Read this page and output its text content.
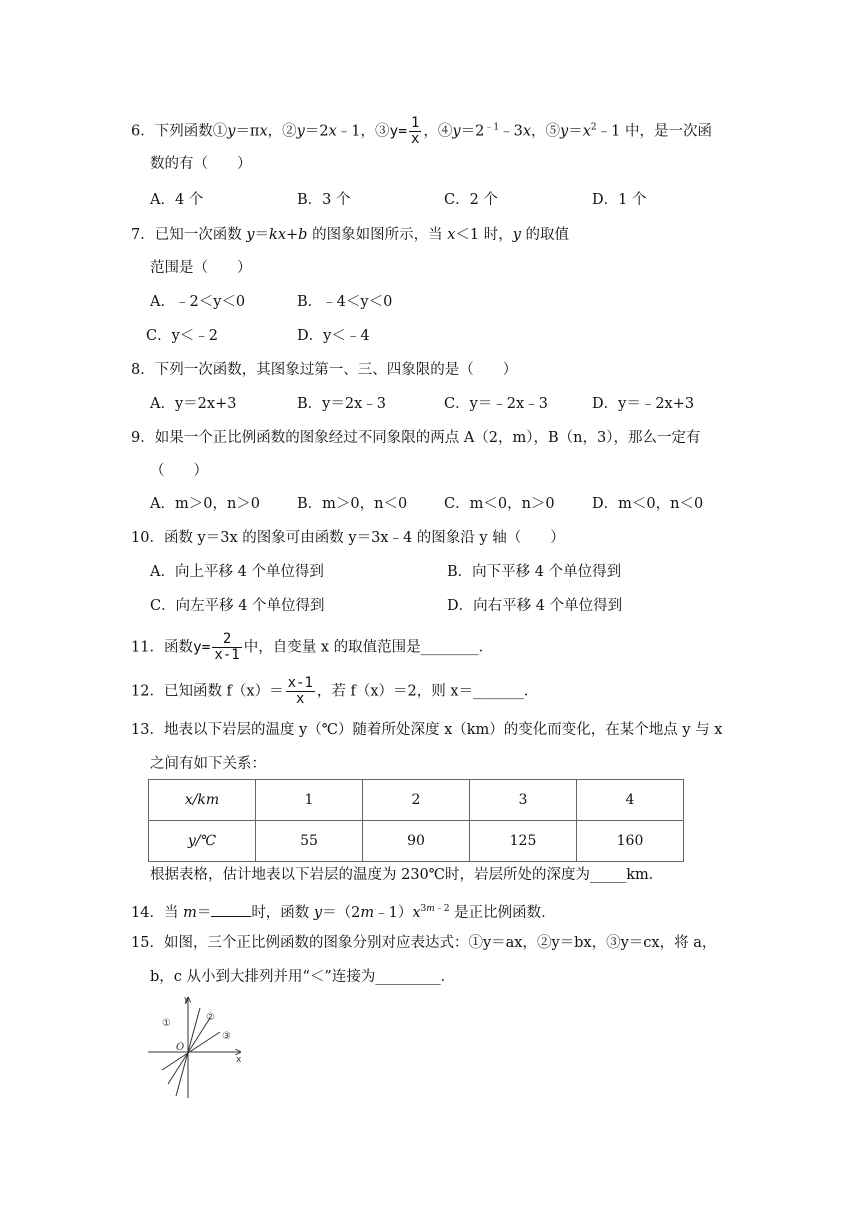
6．下列函数①y＝πx，②y＝2x﹣1，③y= $\frac{1}{x}$ ，$④y=2^{﹣1}﹣3x$，$⑤y=x^2﹣1$ 中，是一次函
数的有（　　）
A．4 个	B．3 个	C．2 个	D．1 个
7．已知一次函数 y＝kx+b 的图象如图所示，当 x＜1 时，y 的取值
范围是（　　）
A．﹣2＜y＜0	B．﹣4＜y＜0
C．y＜﹣2	D．y＜﹣4
8．下列一次函数，其图象过第一、三、四象限的是（　　）
A．y＝2x+3	B．y＝2x﹣3	C．y＝﹣2x﹣3	D．y＝﹣2x+3
9．如果一个正比例函数的图象经过不同象限的两点 A（2，m），B（n，3），那么一定有
（　　）
A．m＞0，n＞0	B．m＞0，n＜0	C．m＜0，n＞0	D．m＜0，n＜0
10．函数 y＝3x 的图象可由函数 y＝3x﹣4 的图象沿 y 轴（　　）
A．向上平移 4 个单位得到	B．向下平移 4 个单位得到
C．向左平移 4 个单位得到	D．向右平移 4 个单位得到
11．函数$y= \frac{2}{x-1}$ 中，自变量 x 的取值范围是________．
12．已知函数 $f(x)= \frac{x-1}{x}$ ，若 f（x）＝2，则 x＝_______．
13．地表以下岩层的温度 y（℃）随着所处深度 x（km）的变化而变化，在某个地点 y 与 x
之间有如下关系：
x/km	1	2	3	4
y/℃	55	90	125	160
根据表格，估计地表以下岩层的温度为 230℃时，岩层所处的深度为_____km．
14．当 m＝	时，函数 $y=(2m﹣1)x^{3m﹣2}$ 是正比例函数．
15．如图，三个正比例函数的图象分别对应表达式：①y＝ax，②y＝bx，③y＝cx，将 a，
b，c 从小到大排列并用“＜”连接为_________．
y
x
O
①
②
③
